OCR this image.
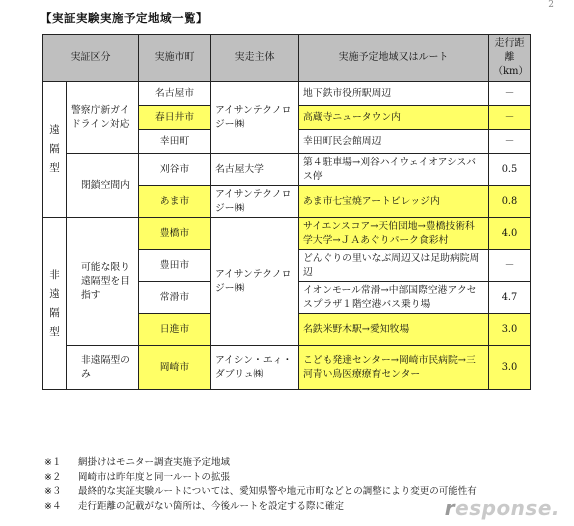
2
【実証実験実施予定地域一覧】
実証区分		実施市町	実走主体	実施予定地域又はルート	走行距離（km）

遠
隔
型	警察庁新ガイドライン対応	名古屋市	アイサンテクノロジー㈱	地下鉄市役所駅周辺	－
		春日井市		高蔵寺ニュータウン内	－
		幸田町		幸田町民会館周辺	－
	閉鎖空間内	刈谷市	名古屋大学	第４駐車場→刈谷ハイウェイオアシスバス停	0.5
		あま市	アイサンテクノロジー㈱	あま市七宝焼アートビレッジ内	0.8

非
遠
隔
型	可能な限り遠隔型を目指す	豊橋市	アイサンテクノロジー㈱	サイエンスコア→天伯団地→豊橋技術科学大学→ＪＡあぐりパーク食彩村	4.0
		豊田市		どんぐりの里いなぶ周辺又は足助病院周辺	－
		常滑市		イオンモール常滑→中部国際空港アクセスプラザ１階空港バス乗り場	4.7
		日進市		名鉄米野木駅→愛知牧場	3.0
	非遠隔型のみ	岡崎市	アイシン・エィ・ダブリュ㈱	こども発達センター→岡崎市民病院→三河青い鳥医療療育センター	3.0
※１	網掛けはモニター調査実施予定地域
※２	岡崎市は昨年度と同一ルートの拡張
※３	最終的な実証実験ルートについては、愛知県警や地元市町などとの調整により変更の可能性有
※４	走行距離の記載がない箇所は、今後ルートを設定する際に確定	response.
